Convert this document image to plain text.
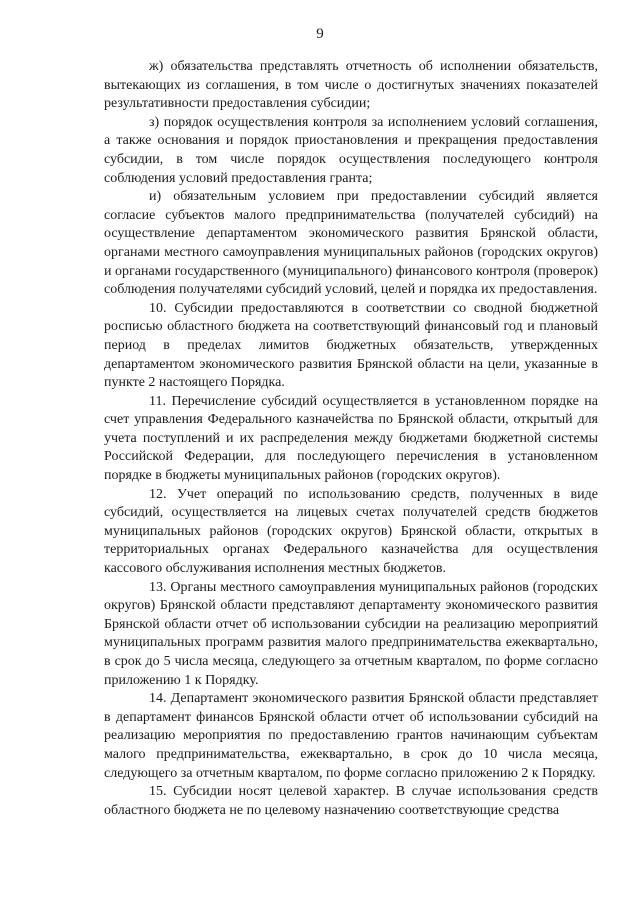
9

ж) обязательства представлять отчетность об исполнении обязательств, вытекающих из соглашения, в том числе о достигнутых значениях показателей результативности предоставления субсидии;

з) порядок осуществления контроля за исполнением условий соглашения, а также основания и порядок приостановления и прекращения предоставления субсидии, в том числе порядок осуществления последующего контроля соблюдения условий предоставления гранта;

и) обязательным условием при предоставлении субсидий является согласие субъектов малого предпринимательства (получателей субсидий) на осуществление департаментом экономического развития Брянской области, органами местного самоуправления муниципальных районов (городских округов) и органами государственного (муниципального) финансового контроля (проверок) соблюдения получателями субсидий условий, целей и порядка их предоставления.

10. Субсидии предоставляются в соответствии со сводной бюджетной росписью областного бюджета на соответствующий финансовый год и плановый период в пределах лимитов бюджетных обязательств, утвержденных департаментом экономического развития Брянской области на цели, указанные в пункте 2 настоящего Порядка.

11. Перечисление субсидий осуществляется в установленном порядке на счет управления Федерального казначейства по Брянской области, открытый для учета поступлений и их распределения между бюджетами бюджетной системы Российской Федерации, для последующего перечисления в установленном порядке в бюджеты муниципальных районов (городских округов).

12. Учет операций по использованию средств, полученных в виде субсидий, осуществляется на лицевых счетах получателей средств бюджетов муниципальных районов (городских округов) Брянской области, открытых в территориальных органах Федерального казначейства для осуществления кассового обслуживания исполнения местных бюджетов.

13. Органы местного самоуправления муниципальных районов (городских округов) Брянской области представляют департаменту экономического развития Брянской области отчет об использовании субсидии на реализацию мероприятий муниципальных программ развития малого предпринимательства ежеквартально, в срок до 5 числа месяца, следующего за отчетным кварталом, по форме согласно приложению 1 к Порядку.

14. Департамент экономического развития Брянской области представляет в департамент финансов Брянской области отчет об использовании субсидий на реализацию мероприятия по предоставлению грантов начинающим субъектам малого предпринимательства, ежеквартально, в срок до 10 числа месяца, следующего за отчетным кварталом, по форме согласно приложению 2 к Порядку.

15. Субсидии носят целевой характер. В случае использования средств областного бюджета не по целевому назначению соответствующие средства
